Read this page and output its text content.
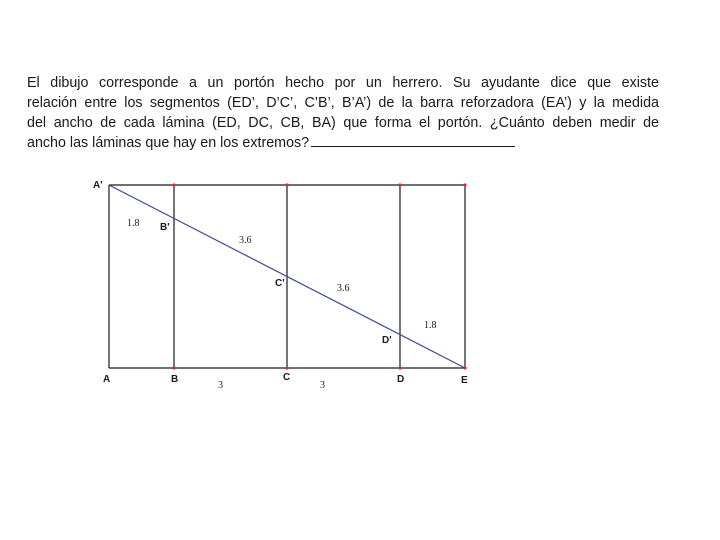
El dibujo corresponde a un portón hecho por un herrero. Su ayudante dice que existe
relación entre los segmentos (ED’, D’C’, C’B’, B’A’) de la barra reforzadora (EA’) y la medida
del ancho de cada lámina (ED, DC, CB, BA) que forma el portón. ¿Cuánto deben medir de
ancho las láminas que hay en los extremos?
A'
B'
C'
D'
A	B	C	D	E
1.8
3.6
3.6
1.8
3	3
